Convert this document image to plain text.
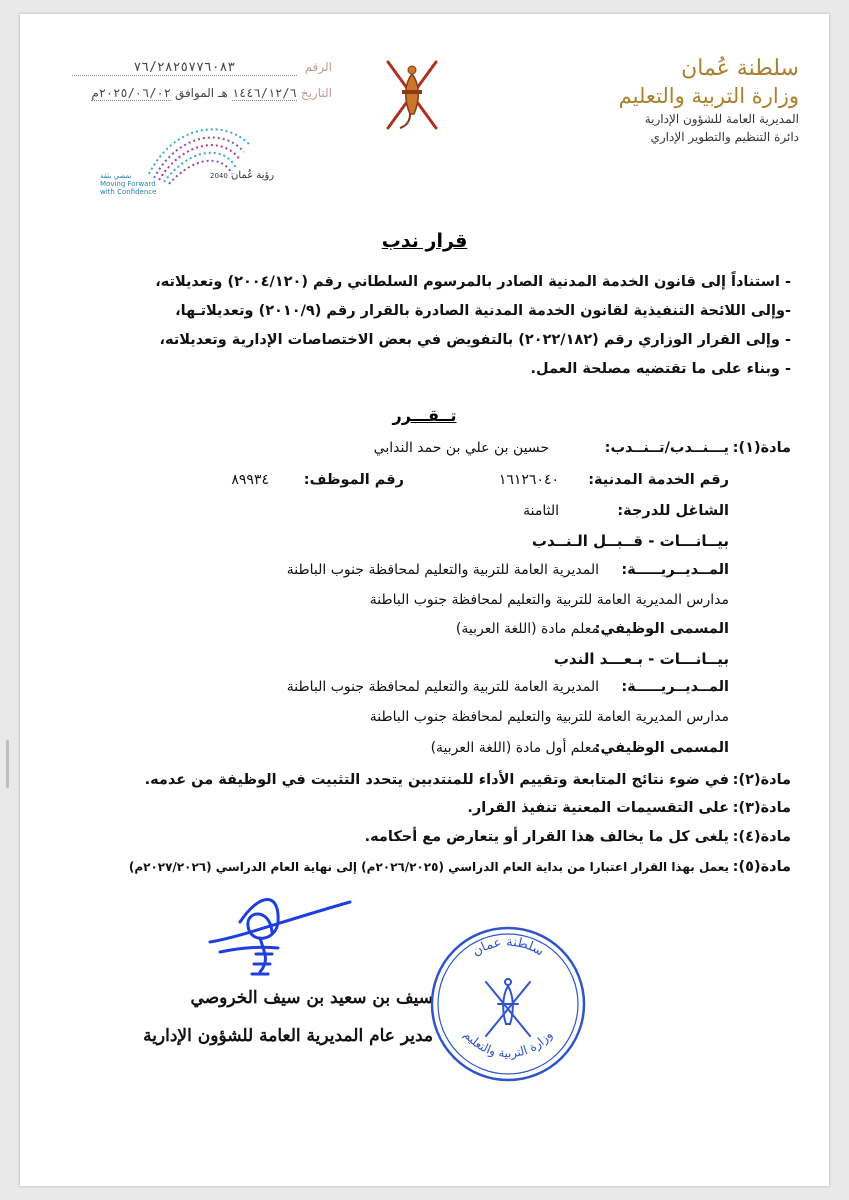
سلطنة عُمان
وزارة التربية والتعليم
المديرية العامة للشؤون الإدارية
دائرة التنظيم والتطوير الإداري
الرقم
٧٦/٢٨٢٥٧٧٦٠٨٣
التاريخ
١٤٤٦/١٢/٦
هـ الموافق
٢٠٢٥/٠٦/٠٢م
رؤية عُمان 2040
نمضي بثقة
Moving Forward
with Confidence
قرار ندب
- استناداً إلى قانون الخدمة المدنية الصادر بالمرسوم السلطاني رقم (٢٠٠٤/١٢٠) وتعديلاته،
-وإلى اللائحة التنفيذية لقانون الخدمة المدنية الصادرة بالقرار رقم (٢٠١٠/٩) وتعديلاتـها،
- وإلى القرار الوزاري رقم (٢٠٢٢/١٨٢) بالتفويض في بعض الاختصاصات الإدارية وتعديلاته،
- وبناء على ما تقتضيه مصلحة العمل.
تــقـــرر
مادة(١):
يـــنــدب/تــنــدب:
حسين بن علي بن حمد الندابي
رقم الخدمة المدنية:
١٦١٢٦٠٤٠
رقم الموظف:
٨٩٩٣٤
الشاغل للدرجة:
الثامنة
بيــانـــات - قــبــل الـنــدب
المــديــريـــــة:
المديرية العامة للتربية والتعليم لمحافظة جنوب الباطنة
مدارس المديرية العامة للتربية والتعليم لمحافظة جنوب الباطنة
المسمى الوظيفي:
معلم مادة (اللغة العربية)
بيــانـــات - بـعـــد الندب
المــديــريـــــة:
المديرية العامة للتربية والتعليم لمحافظة جنوب الباطنة
مدارس المديرية العامة للتربية والتعليم لمحافظة جنوب الباطنة
المسمى الوظيفي:
معلم أول مادة (اللغة العربية)
مادة(٢):
في ضوء نتائج المتابعة وتقييم الأداء للمنتدبين يتحدد التثبيت في الوظيفة من عدمه.
مادة(٣):
على التقسيمات المعنية تنفيذ القرار.
مادة(٤):
يلغى كل ما يخالف هذا القرار أو يتعارض مع أحكامه.
مادة(٥):
يعمل بهذا القرار اعتبارا من بداية العام الدراسي (٢٠٢٦/٢٠٢٥م) إلى نهاية العام الدراسي (٢٠٢٧/٢٠٢٦م)
سيف بن سعيد بن سيف الخروصي
مدير عام المديرية العامة للشؤون الإدارية
سلطنة عمان
وزارة التربية والتعليم
